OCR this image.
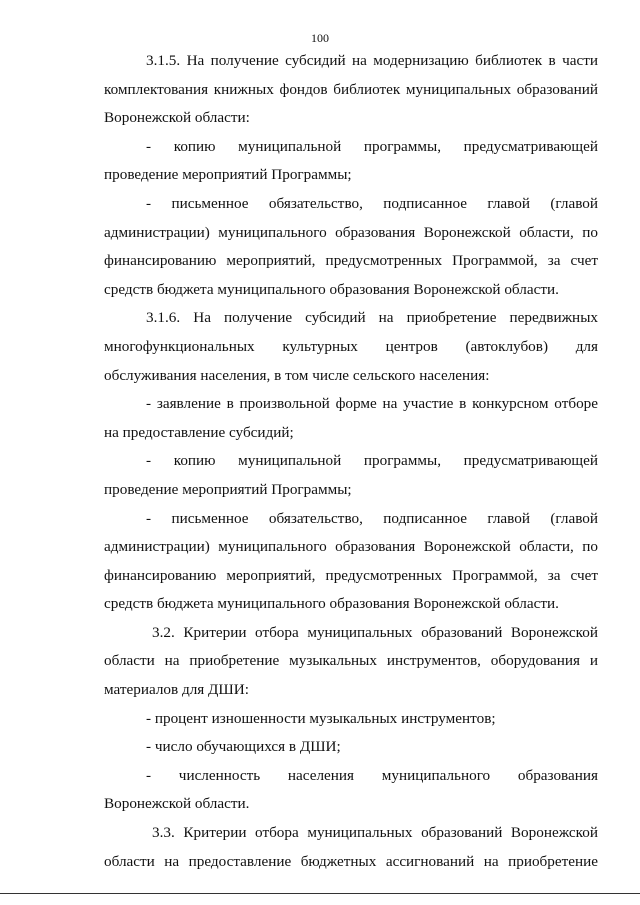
100
3.1.5. На получение субсидий на модернизацию библиотек в части
комплектования книжных фондов библиотек муниципальных образований
Воронежской области:
- копию муниципальной программы, предусматривающей
проведение мероприятий Программы;
- письменное обязательство, подписанное главой (главой
администрации) муниципального образования Воронежской области, по
финансированию мероприятий, предусмотренных Программой, за счет
средств бюджета муниципального образования Воронежской области.
3.1.6. На получение субсидий на приобретение передвижных
многофункциональных культурных центров (автоклубов) для
обслуживания населения, в том числе сельского населения:
- заявление в произвольной форме на участие в конкурсном отборе
на предоставление субсидий;
- копию муниципальной программы, предусматривающей
проведение мероприятий Программы;
- письменное обязательство, подписанное главой (главой
администрации) муниципального образования Воронежской области, по
финансированию мероприятий, предусмотренных Программой, за счет
средств бюджета муниципального образования Воронежской области.
3.2. Критерии отбора муниципальных образований Воронежской
области на приобретение музыкальных инструментов, оборудования и
материалов для ДШИ:
- процент изношенности музыкальных инструментов;
- число обучающихся в ДШИ;
- численность населения муниципального образования
Воронежской области.
3.3. Критерии отбора муниципальных образований Воронежской
области на предоставление бюджетных ассигнований на приобретение
